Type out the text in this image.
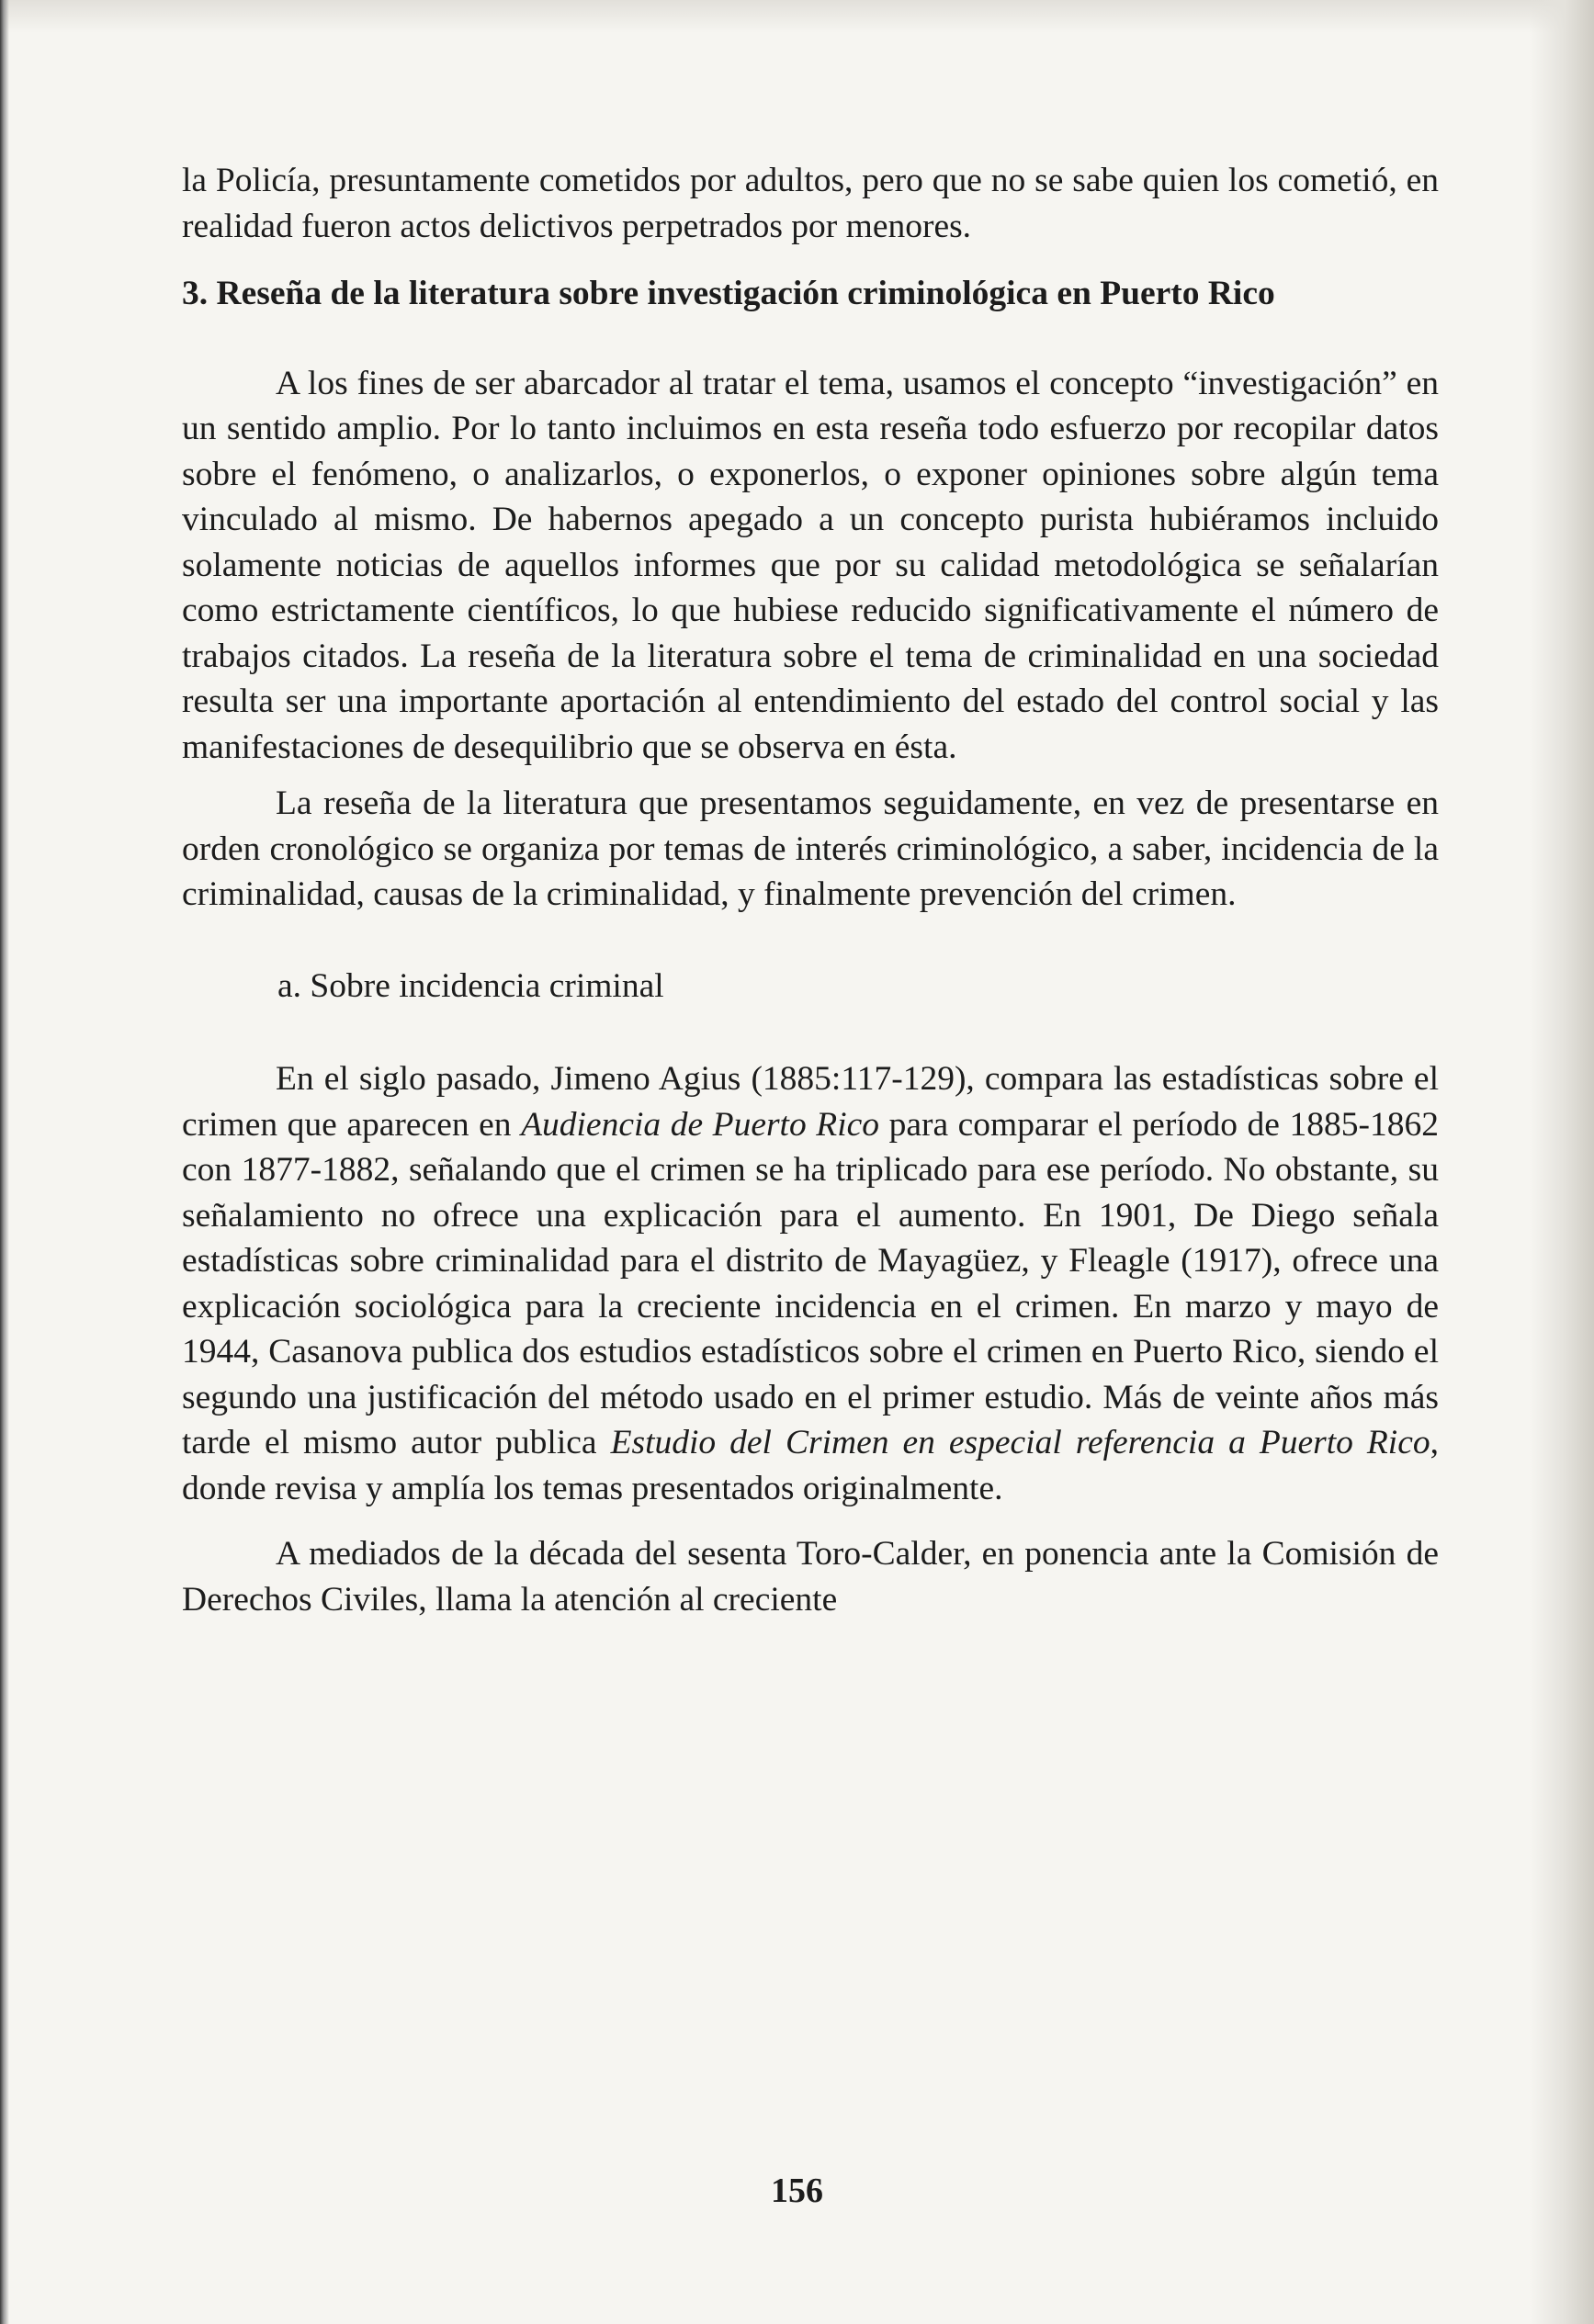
la Policía, presuntamente cometidos por adultos, pero que no se sabe quien los cometió, en realidad fueron actos delictivos perpetrados por menores.

3. Reseña de la literatura sobre investigación criminológica en Puerto Rico

A los fines de ser abarcador al tratar el tema, usamos el concepto “investigación” en un sentido amplio. Por lo tanto incluimos en esta reseña todo esfuerzo por recopilar datos sobre el fenómeno, o analizarlos, o exponerlos, o exponer opiniones sobre algún tema vinculado al mismo. De habernos apegado a un concepto purista hubiéramos incluido solamente noticias de aquellos informes que por su calidad metodológica se señalarían como estrictamente científicos, lo que hubiese reducido significativamente el número de trabajos citados. La reseña de la literatura sobre el tema de criminalidad en una sociedad resulta ser una importante aportación al entendimiento del estado del control social y las manifestaciones de desequilibrio que se observa en ésta.

La reseña de la literatura que presentamos seguidamente, en vez de presentarse en orden cronológico se organiza por temas de interés criminológico, a saber, incidencia de la criminalidad, causas de la criminalidad, y finalmente prevención del crimen.

a. Sobre incidencia criminal

En el siglo pasado, Jimeno Agius (1885:117-129), compara las estadísticas sobre el crimen que aparecen en Audiencia de Puerto Rico para comparar el período de 1885-1862 con 1877-1882, señalando que el crimen se ha triplicado para ese período. No obstante, su señalamiento no ofrece una explicación para el aumento. En 1901, De Diego señala estadísticas sobre criminalidad para el distrito de Mayagüez, y Fleagle (1917), ofrece una explicación sociológica para la creciente incidencia en el crimen. En marzo y mayo de 1944, Casanova publica dos estudios estadísticos sobre el crimen en Puerto Rico, siendo el segundo una justificación del método usado en el primer estudio. Más de veinte años más tarde el mismo autor publica Estudio del Crimen en especial referencia a Puerto Rico, donde revisa y amplía los temas presentados originalmente.

A mediados de la década del sesenta Toro-Calder, en ponencia ante la Comisión de Derechos Civiles, llama la atención al creciente

156
